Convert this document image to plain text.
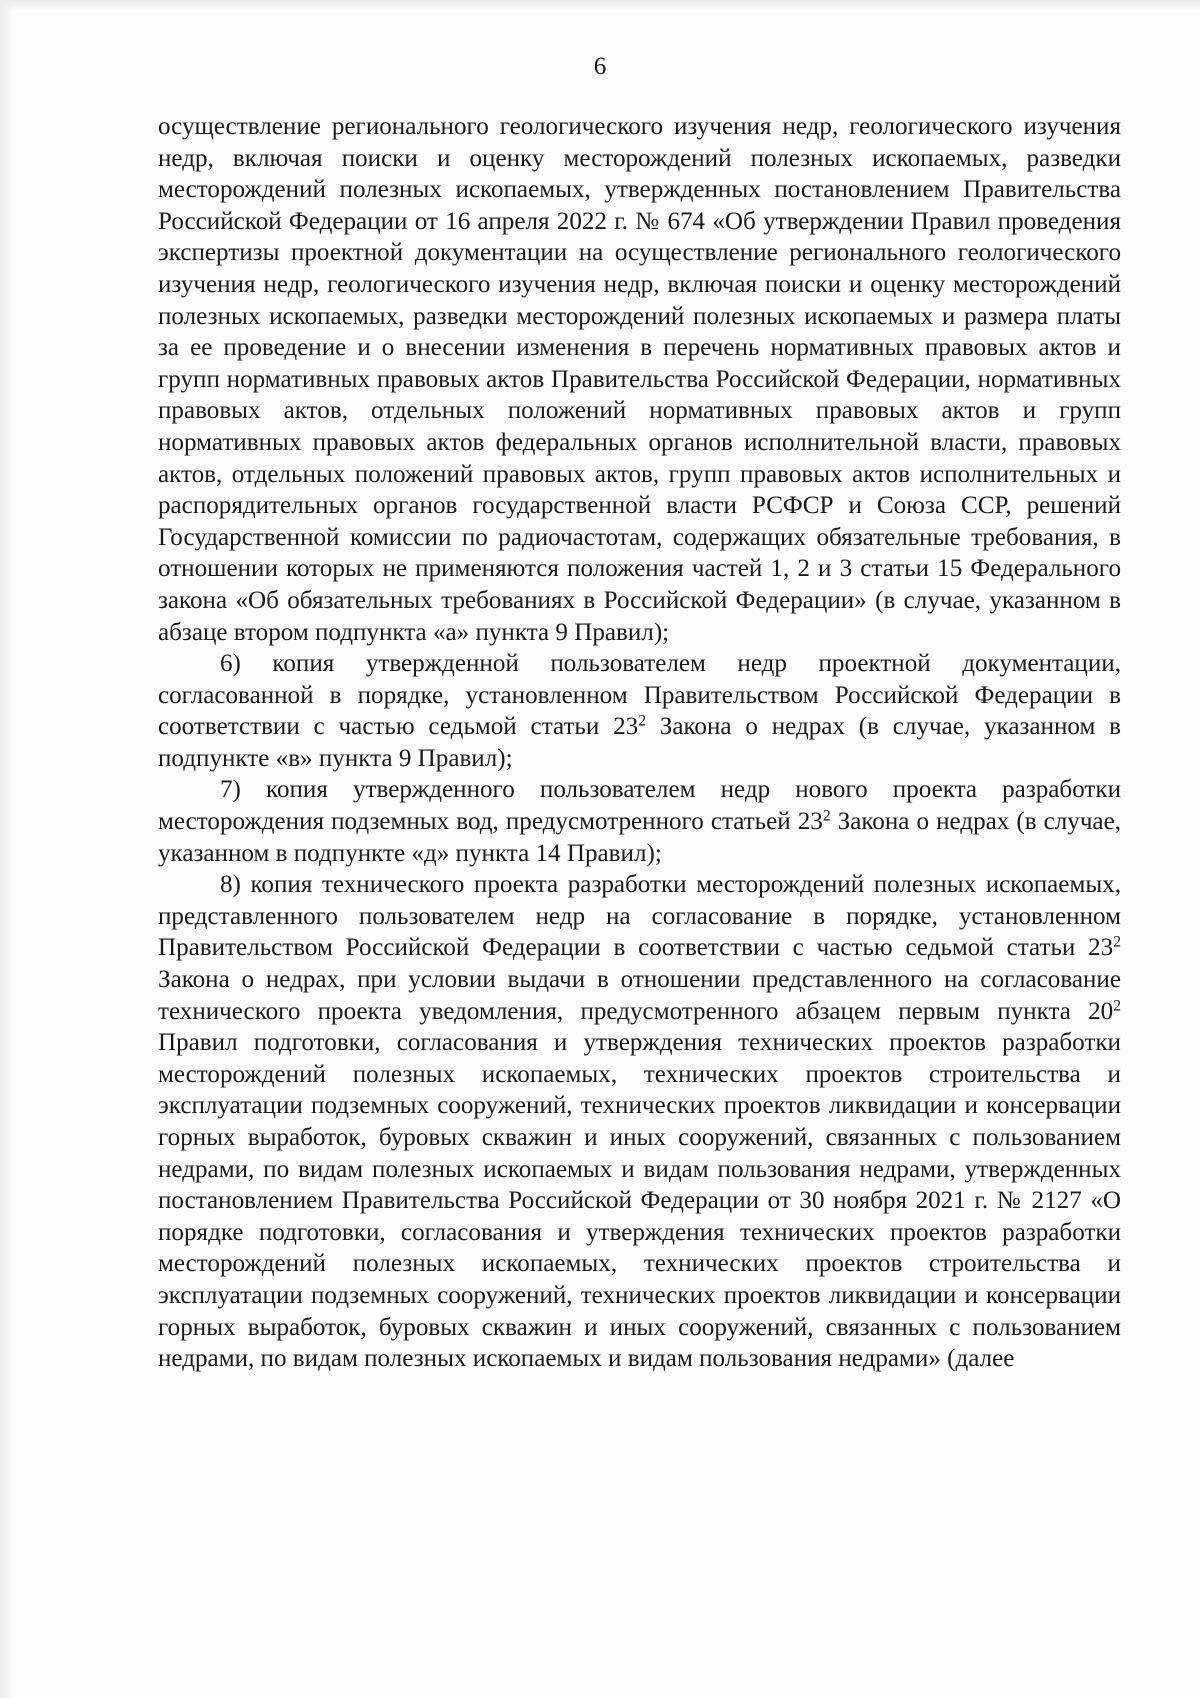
6

осуществление регионального геологического изучения недр, геологического изучения недр, включая поиски и оценку месторождений полезных ископаемых, разведки месторождений полезных ископаемых, утвержденных постановлением Правительства Российской Федерации от 16 апреля 2022 г. № 674 «Об утверждении Правил проведения экспертизы проектной документации на осуществление регионального геологического изучения недр, геологического изучения недр, включая поиски и оценку месторождений полезных ископаемых, разведки месторождений полезных ископаемых и размера платы за ее проведение и о внесении изменения в перечень нормативных правовых актов и групп нормативных правовых актов Правительства Российской Федерации, нормативных правовых актов, отдельных положений нормативных правовых актов и групп нормативных правовых актов федеральных органов исполнительной власти, правовых актов, отдельных положений правовых актов, групп правовых актов исполнительных и распорядительных органов государственной власти РСФСР и Союза ССР, решений Государственной комиссии по радиочастотам, содержащих обязательные требования, в отношении которых не применяются положения частей 1, 2 и 3 статьи 15 Федерального закона «Об обязательных требованиях в Российской Федерации» (в случае, указанном в абзаце втором подпункта «а» пункта 9 Правил);

6) копия утвержденной пользователем недр проектной документации, согласованной в порядке, установленном Правительством Российской Федерации в соответствии с частью седьмой статьи $23^2$ Закона о недрах (в случае, указанном в подпункте «в» пункта 9 Правил);

7) копия утвержденного пользователем недр нового проекта разработки месторождения подземных вод, предусмотренного статьей $23^2$ Закона о недрах (в случае, указанном в подпункте «д» пункта 14 Правил);

8) копия технического проекта разработки месторождений полезных ископаемых, представленного пользователем недр на согласование в порядке, установленном Правительством Российской Федерации в соответствии с частью седьмой статьи $23^2$ Закона о недрах, при условии выдачи в отношении представленного на согласование технического проекта уведомления, предусмотренного абзацем первым пункта $20^2$ Правил подготовки, согласования и утверждения технических проектов разработки месторождений полезных ископаемых, технических проектов строительства и эксплуатации подземных сооружений, технических проектов ликвидации и консервации горных выработок, буровых скважин и иных сооружений, связанных с пользованием недрами, по видам полезных ископаемых и видам пользования недрами, утвержденных постановлением Правительства Российской Федерации от 30 ноября 2021 г. № 2127 «О порядке подготовки, согласования и утверждения технических проектов разработки месторождений полезных ископаемых, технических проектов строительства и эксплуатации подземных сооружений, технических проектов ликвидации и консервации горных выработок, буровых скважин и иных сооружений, связанных с пользованием недрами, по видам полезных ископаемых и видам пользования недрами» (далее
